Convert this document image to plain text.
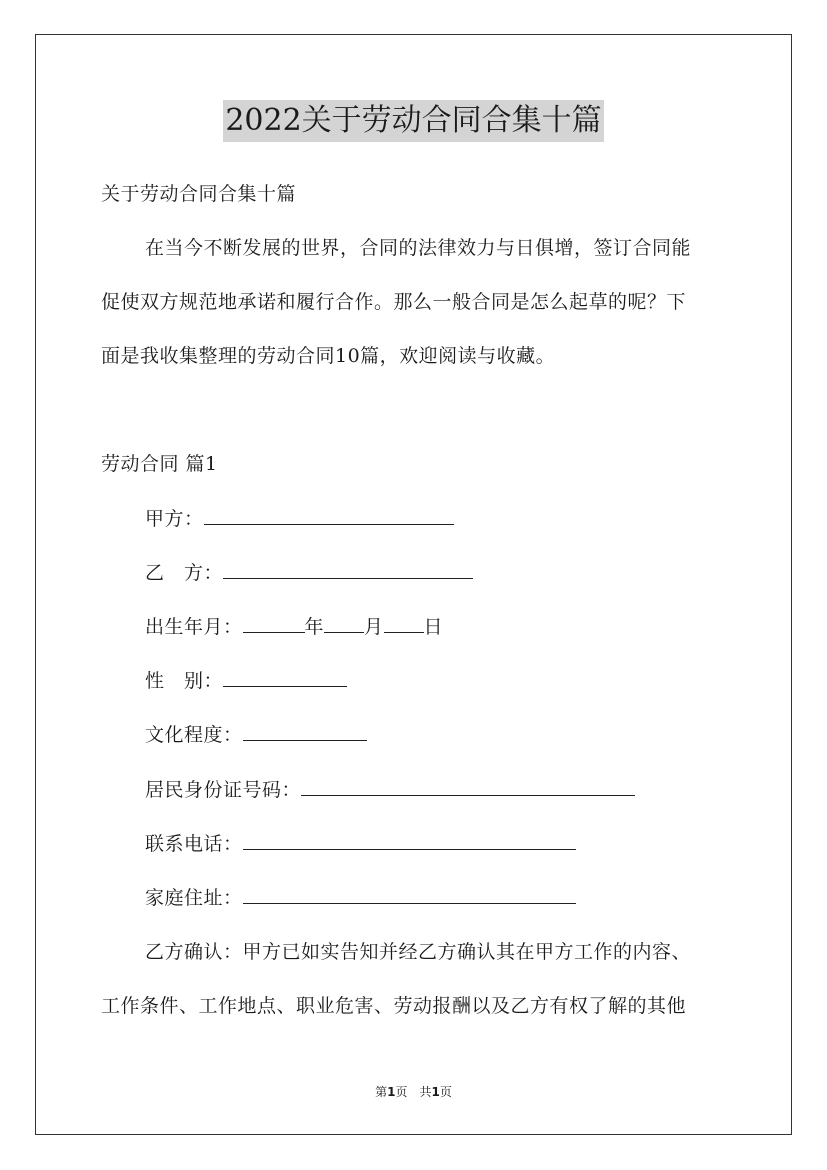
2022关于劳动合同合集十篇
关于劳动合同合集十篇
在当今不断发展的世界，合同的法律效力与日俱增，签订合同能
促使双方规范地承诺和履行合作。那么一般合同是怎么起草的呢？下
面是我收集整理的劳动合同10篇，欢迎阅读与收藏。
劳动合同 篇1
甲方：
乙　方：
出生年月：	年 月 日
性　别：
文化程度：
居民身份证号码：
联系电话：
家庭住址：
乙方确认：甲方已如实告知并经乙方确认其在甲方工作的内容、
工作条件、工作地点、职业危害、劳动报酬以及乙方有权了解的其他
第1页　共1页
